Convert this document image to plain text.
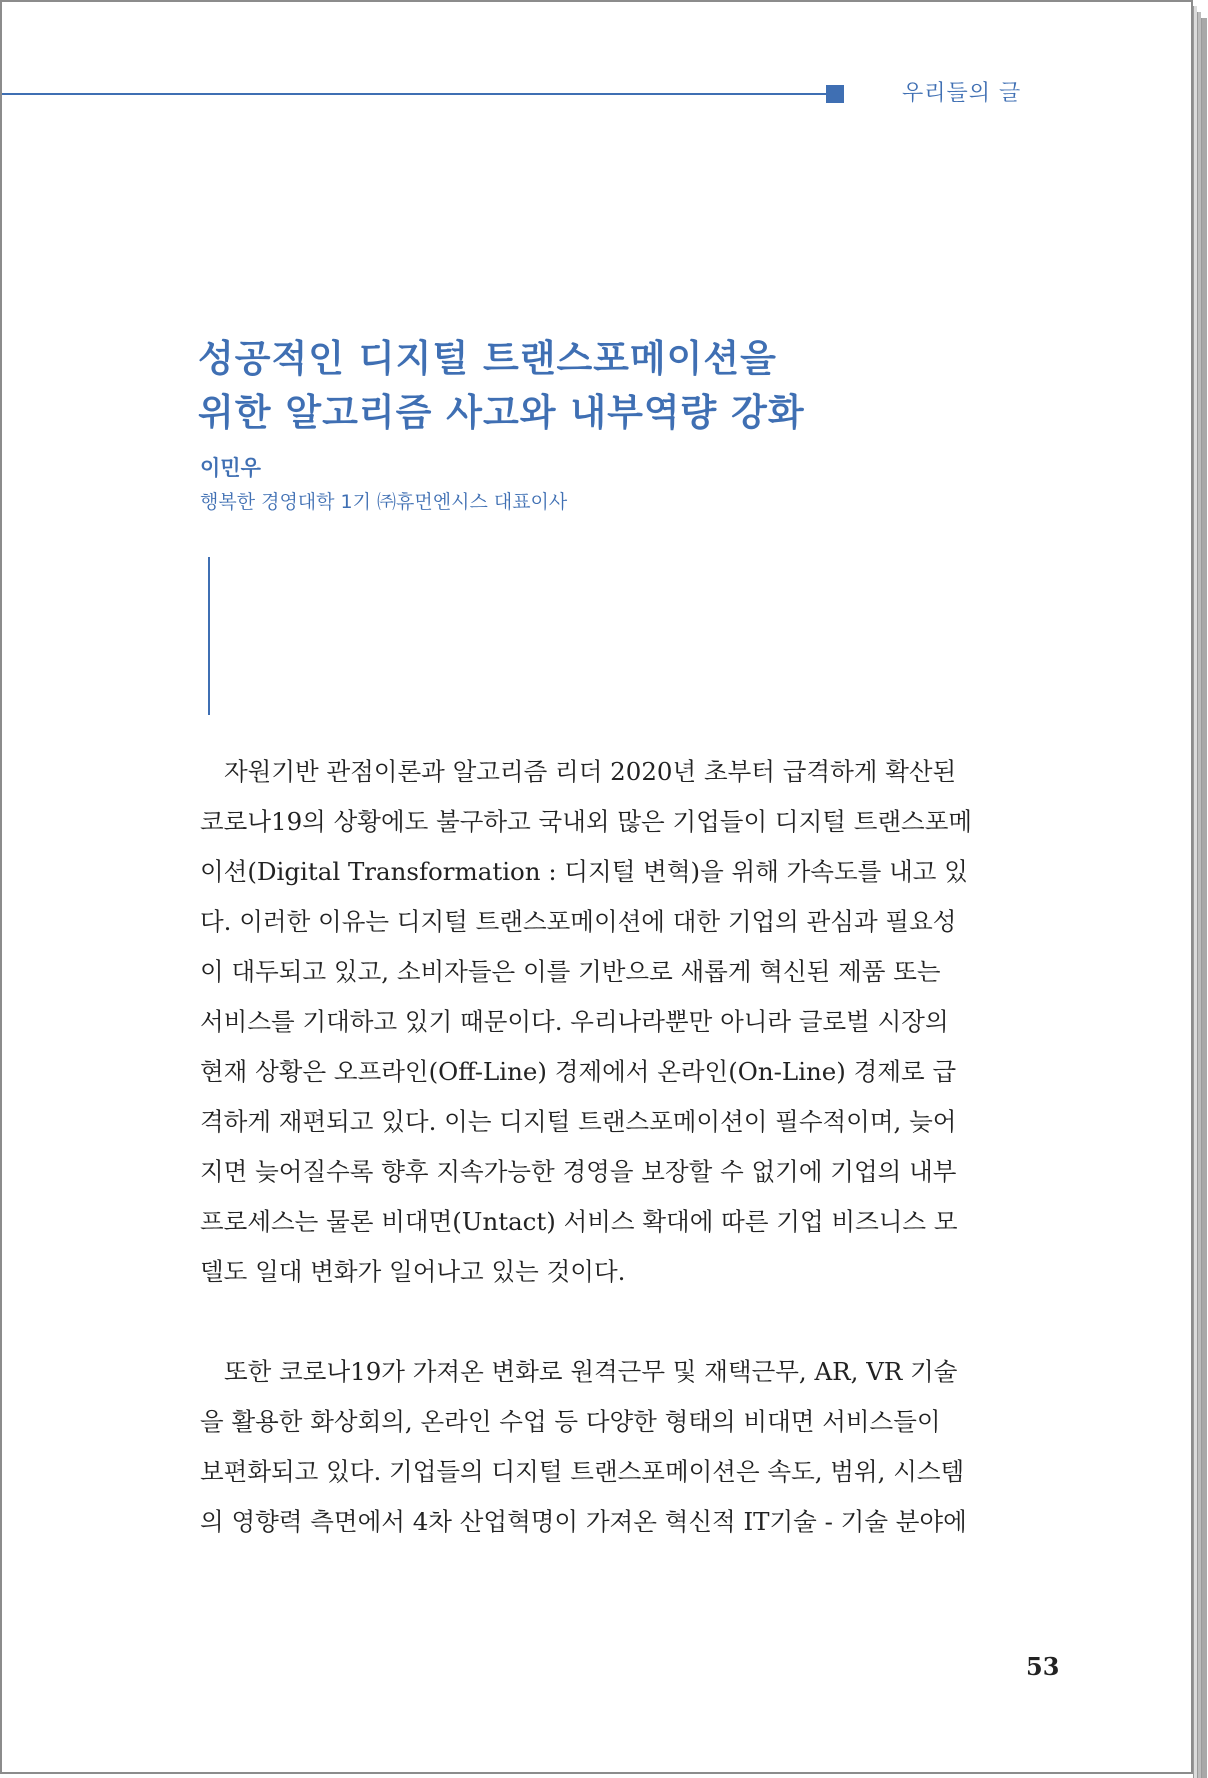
우리들의 글
성공적인 디지털 트랜스포메이션을
위한 알고리즘 사고와 내부역량 강화
이민우
행복한 경영대학 1기 ㈜휴먼엔시스 대표이사
자원기반 관점이론과 알고리즘 리더 2020년 초부터 급격하게 확산된
코로나19의 상황에도 불구하고 국내외 많은 기업들이 디지털 트랜스포메
이션(Digital Transformation : 디지털 변혁)을 위해 가속도를 내고 있
다. 이러한 이유는 디지털 트랜스포메이션에 대한 기업의 관심과 필요성
이 대두되고 있고, 소비자들은 이를 기반으로 새롭게 혁신된 제품 또는
서비스를 기대하고 있기 때문이다. 우리나라뿐만 아니라 글로벌 시장의
현재 상황은 오프라인(Off-Line) 경제에서 온라인(On-Line) 경제로 급
격하게 재편되고 있다. 이는 디지털 트랜스포메이션이 필수적이며, 늦어
지면 늦어질수록 향후 지속가능한 경영을 보장할 수 없기에 기업의 내부
프로세스는 물론 비대면(Untact) 서비스 확대에 따른 기업 비즈니스 모
델도 일대 변화가 일어나고 있는 것이다.
또한 코로나19가 가져온 변화로 원격근무 및 재택근무, AR, VR 기술
을 활용한 화상회의, 온라인 수업 등 다양한 형태의 비대면 서비스들이
보편화되고 있다. 기업들의 디지털 트랜스포메이션은 속도, 범위, 시스템
의 영향력 측면에서 4차 산업혁명이 가져온 혁신적 IT기술 - 기술 분야에
53
